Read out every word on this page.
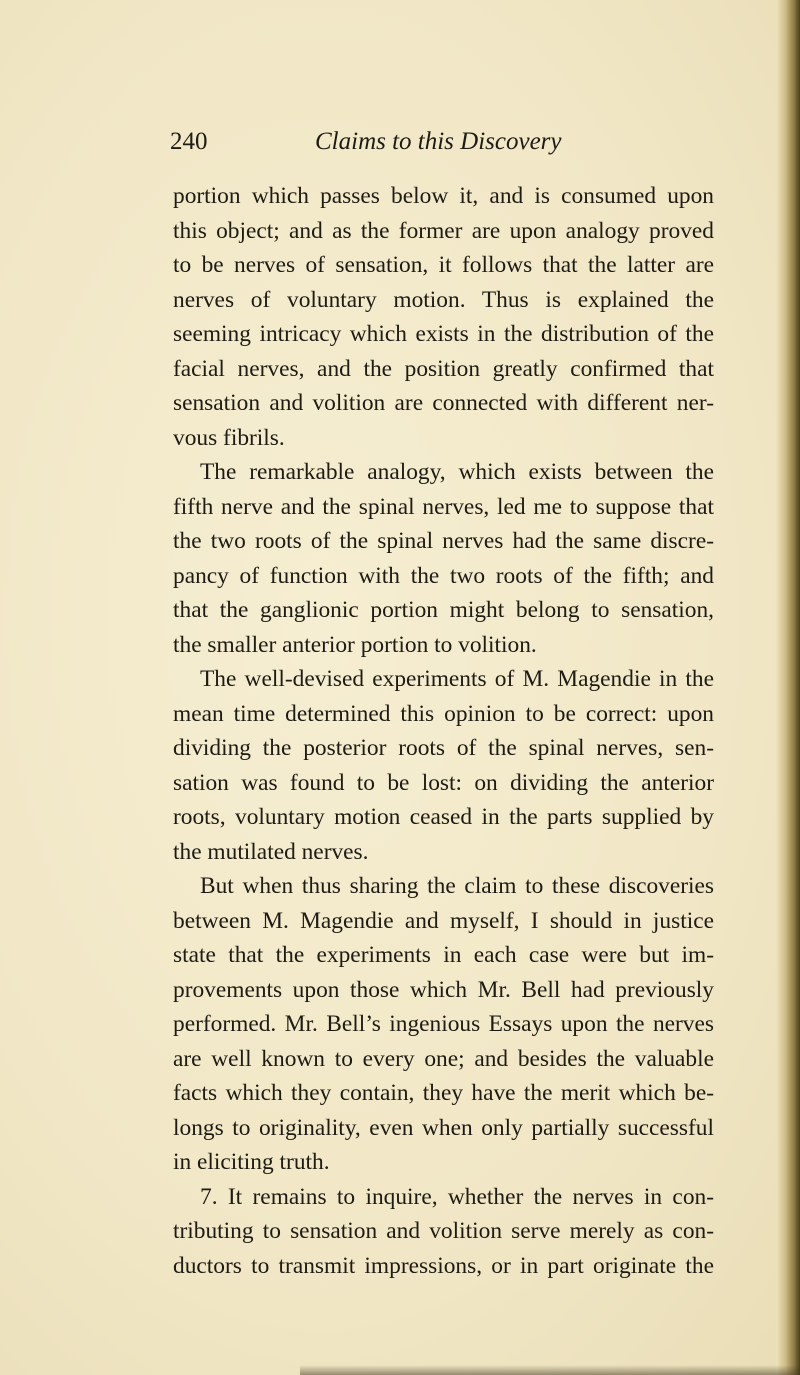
240	Claims to this Discovery
portion which passes below it, and is consumed upon
this object; and as the former are upon analogy proved
to be nerves of sensation, it follows that the latter are
nerves of voluntary motion. Thus is explained the
seeming intricacy which exists in the distribution of the
facial nerves, and the position greatly confirmed that
sensation and volition are connected with different ner-
vous fibrils.
The remarkable analogy, which exists between the
fifth nerve and the spinal nerves, led me to suppose that
the two roots of the spinal nerves had the same discre-
pancy of function with the two roots of the fifth; and
that the ganglionic portion might belong to sensation,
the smaller anterior portion to volition.
The well-devised experiments of M. Magendie in the
mean time determined this opinion to be correct: upon
dividing the posterior roots of the spinal nerves, sen-
sation was found to be lost: on dividing the anterior
roots, voluntary motion ceased in the parts supplied by
the mutilated nerves.
But when thus sharing the claim to these discoveries
between M. Magendie and myself, I should in justice
state that the experiments in each case were but im-
provements upon those which Mr. Bell had previously
performed. Mr. Bell’s ingenious Essays upon the nerves
are well known to every one; and besides the valuable
facts which they contain, they have the merit which be-
longs to originality, even when only partially successful
in eliciting truth.
7. It remains to inquire, whether the nerves in con-
tributing to sensation and volition serve merely as con-
ductors to transmit impressions, or in part originate the
